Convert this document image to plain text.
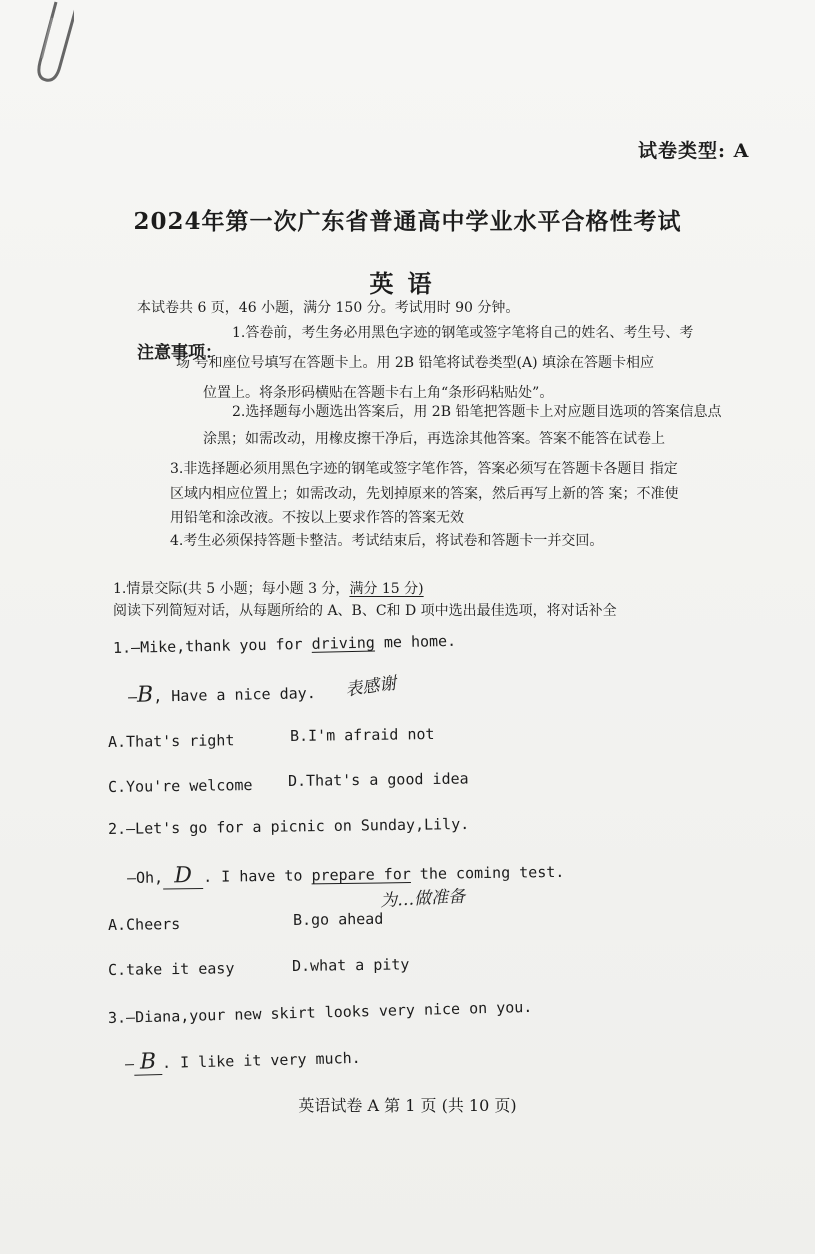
试卷类型: A
2024年第一次广东省普通高中学业水平合格性考试
英语
本试卷共 6 页，46 小题，满分 150 分。考试用时 90 分钟。
注意事项：
1.答卷前，考生务必用黑色字迹的钢笔或签字笔将自己的姓名、考生号、考
场 号和座位号填写在答题卡上。用 2B 铅笔将试卷类型(A) 填涂在答题卡相应
位置上。将条形码横贴在答题卡右上角“条形码粘贴处”。
2.选择题每小题选出答案后，用 2B 铅笔把答题卡上对应题目选项的答案信息点
涂黑；如需改动，用橡皮擦干净后，再选涂其他答案。答案不能答在试卷上
3.非选择题必须用黑色字迹的钢笔或签字笔作答，答案必须写在答题卡各题目 指定
区域内相应位置上；如需改动，先划掉原来的答案，然后再写上新的答 案；不准使
用铅笔和涂改液。不按以上要求作答的答案无效
4.考生必须保持答题卡整洁。考试结束后，将试卷和答题卡一并交回。
1.情景交际(共 5 小题；每小题 3 分，满分 15 分)
阅读下列简短对话，从每题所给的 A、B、C和 D 项中选出最佳选项，将对话补全
1.—Mike,thank you for driving me home.
—B, Have a nice day. 表感谢
A.That's right	B.I'm afraid not
C.You're welcome D.That's a good idea
2.—Let's go for a picnic on Sunday,Lily.
—Oh, D . I have to prepare for the coming test.
为…做准备
A.Cheers	B.go ahead
C.take it easy	D.what a pity
3.—Diana,your new skirt looks very nice on you.
— B . I like it very much.
英语试卷 A 第 1 页 (共 10 页)
